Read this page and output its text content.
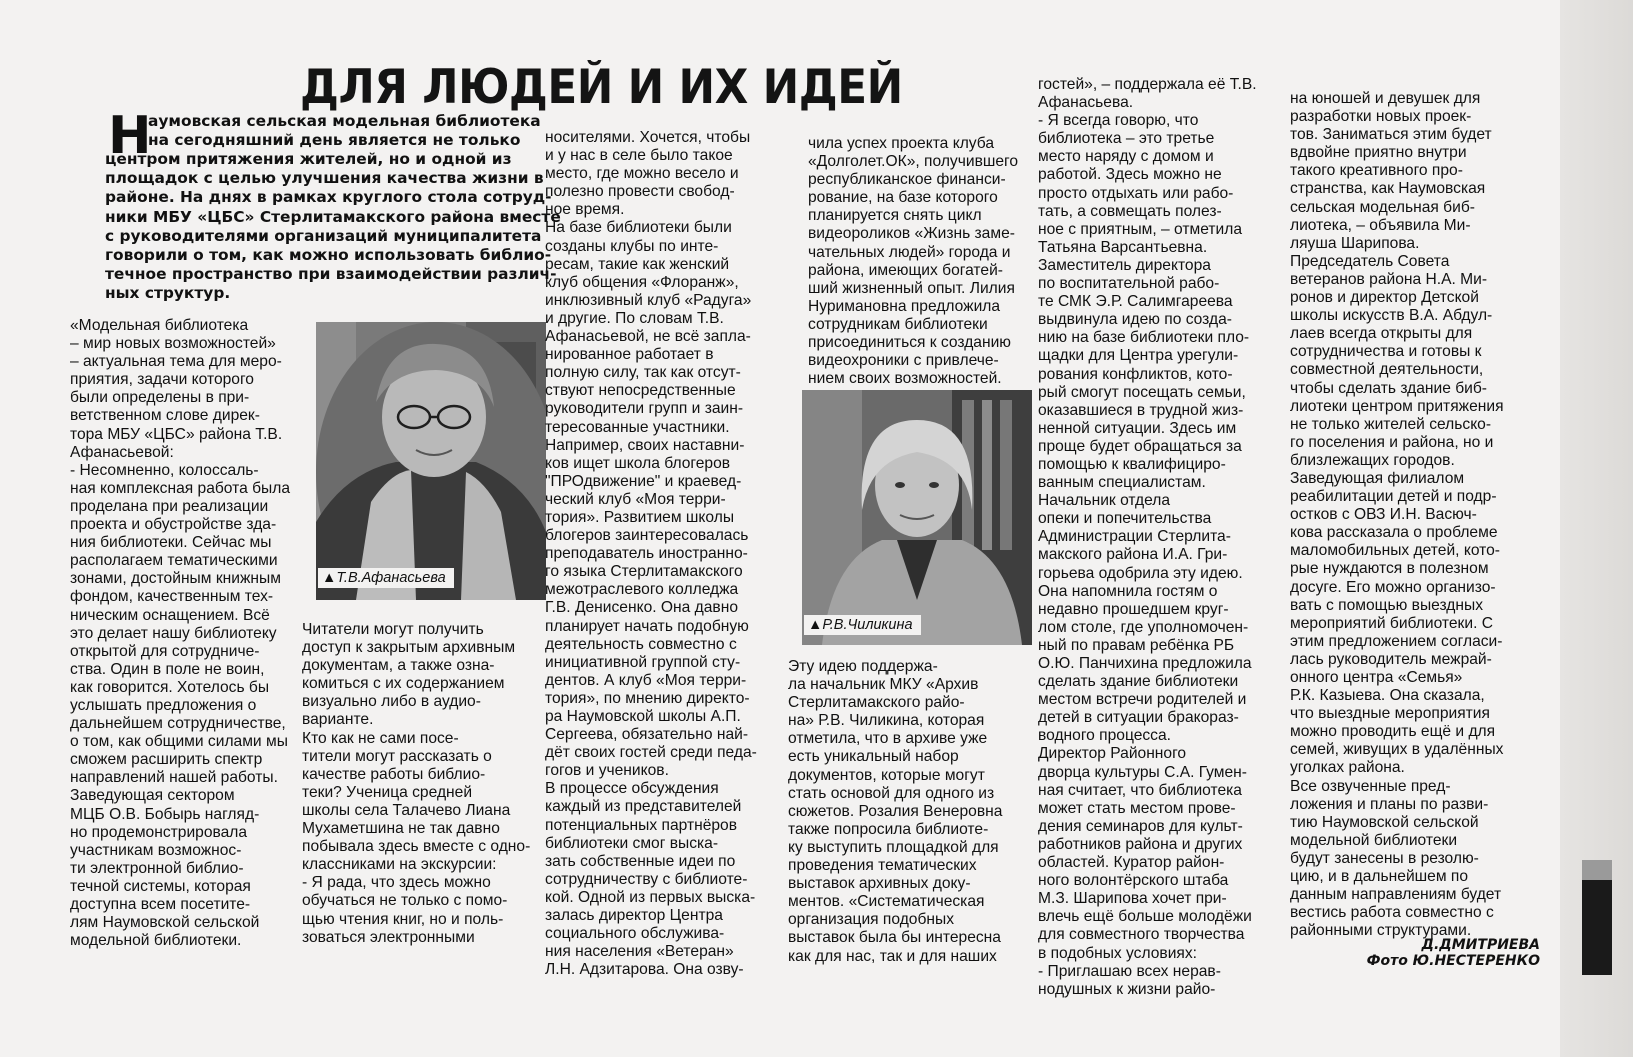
ДЛЯ ЛЮДЕЙ И ИХ ИДЕЙ
Н
аумовская сельская модельная библиотека
на сегодняшний день является не только
центром притяжения жителей, но и одной из
площадок с целью улучшения качества жизни в
районе. На днях в рамках круглого стола сотруд-
ники МБУ «ЦБС» Стерлитамакского района вместе
с руководителями организаций муниципалитета
говорили о том, как можно использовать библио-
течное пространство при взаимодействии различ-
ных структур.
▲Т.В.Афанасьева
▲Р.В.Чиликина
«Модельная библиотека
– мир новых возможностей»
– актуальная тема для меро-
приятия, задачи которого
были определены в при-
ветственном слове дирек-
тора МБУ «ЦБС» района Т.В.
Афанасьевой:
- Несомненно, колоссаль-
ная комплексная работа была
проделана при реализации
проекта и обустройстве зда-
ния библиотеки. Сейчас мы
располагаем тематическими
зонами, достойным книжным
фондом, качественным тех-
ническим оснащением. Всё
это делает нашу библиотеку
открытой для сотрудниче-
ства. Один в поле не воин,
как говорится. Хотелось бы
услышать предложения о
дальнейшем сотрудничестве,
о том, как общими силами мы
сможем расширить спектр
направлений нашей работы.
Заведующая сектором
МЦБ О.В. Бобырь нагляд-
но продемонстрировала
участникам возможнос-
ти электронной библио-
течной системы, которая
доступна всем посетите-
лям Наумовской сельской
модельной библиотеки.
Читатели могут получить
доступ к закрытым архивным
документам, а также озна-
комиться с их содержанием
визуально либо в аудио-
варианте.
Кто как не сами посе-
тители могут рассказать о
качестве работы библио-
теки? Ученица средней
школы села Талачево Лиана
Мухаметшина не так давно
побывала здесь вместе с одно-
классниками на экскурсии:
- Я рада, что здесь можно
обучаться не только с помо-
щью чтения книг, но и поль-
зоваться электронными
носителями. Хочется, чтобы
и у нас в селе было такое
место, где можно весело и
полезно провести свобод-
ное время.
На базе библиотеки были
созданы клубы по инте-
ресам, такие как женский
клуб общения «Флоранж»,
инклюзивный клуб «Радуга»
и другие. По словам Т.В.
Афанасьевой, не всё запла-
нированное работает в
полную силу, так как отсут-
ствуют непосредственные
руководители групп и заин-
тересованные участники.
Например, своих наставни-
ков ищет школа блогеров
"ПРОдвижение" и краевед-
ческий клуб «Моя терри-
тория». Развитием школы
блогеров заинтересовалась
преподаватель иностранно-
го языка Стерлитамакского
межотраслевого колледжа
Г.В. Денисенко. Она давно
планирует начать подобную
деятельность совместно с
инициативной группой сту-
дентов. А клуб «Моя терри-
тория», по мнению директо-
ра Наумовской школы А.П.
Сергеева, обязательно най-
дёт своих гостей среди педа-
гогов и учеников.
В процессе обсуждения
каждый из представителей
потенциальных партнёров
библиотеки смог выска-
зать собственные идеи по
сотрудничеству с библиоте-
кой. Одной из первых выска-
залась директор Центра
социального обслужива-
ния населения «Ветеран»
Л.Н. Адзитарова. Она озву-
чила успех проекта клуба
«Долголет.ОК», получившего
республиканское финанси-
рование, на базе которого
планируется снять цикл
видеороликов «Жизнь заме-
чательных людей» города и
района, имеющих богатей-
ший жизненный опыт. Лилия
Нуримановна предложила
сотрудникам библиотеки
присоединиться к созданию
видеохроники с привлече-
нием своих возможностей.
Эту идею поддержа-
ла начальник МКУ «Архив
Стерлитамакского райо-
на» Р.В. Чиликина, которая
отметила, что в архиве уже
есть уникальный набор
документов, которые могут
стать основой для одного из
сюжетов. Розалия Венеровна
также попросила библиоте-
ку выступить площадкой для
проведения тематических
выставок архивных доку-
ментов. «Систематическая
организация подобных
выставок была бы интересна
как для нас, так и для наших
гостей», – поддержала её Т.В.
Афанасьева.
- Я всегда говорю, что
библиотека – это третье
место наряду с домом и
работой. Здесь можно не
просто отдыхать или рабо-
тать, а совмещать полез-
ное с приятным, – отметила
Татьяна Варсантьевна.
Заместитель директора
по воспитательной рабо-
те СМК Э.Р. Салимгареева
выдвинула идею по созда-
нию на базе библиотеки пло-
щадки для Центра урегули-
рования конфликтов, кото-
рый смогут посещать семьи,
оказавшиеся в трудной жиз-
ненной ситуации. Здесь им
проще будет обращаться за
помощью к квалифициро-
ванным специалистам.
Начальник отдела
опеки и попечительства
Администрации Стерлита-
макского района И.А. Гри-
горьева одобрила эту идею.
Она напомнила гостям о
недавно прошедшем круг-
лом столе, где уполномочен-
ный по правам ребёнка РБ
О.Ю. Панчихина предложила
сделать здание библиотеки
местом встречи родителей и
детей в ситуации бракораз-
водного процесса.
Директор Районного
дворца культуры С.А. Гумен-
ная считает, что библиотека
может стать местом прове-
дения семинаров для культ-
работников района и других
областей. Куратор район-
ного волонтёрского штаба
М.З. Шарипова хочет при-
влечь ещё больше молодёжи
для совместного творчества
в подобных условиях:
- Приглашаю всех нерав-
нодушных к жизни райо-
на юношей и девушек для
разработки новых проек-
тов. Заниматься этим будет
вдвойне приятно внутри
такого креативного про-
странства, как Наумовская
сельская модельная биб-
лиотека, – объявила Ми-
ляуша Шарипова.
Председатель Совета
ветеранов района Н.А. Ми-
ронов и директор Детской
школы искусств В.А. Абдул-
лаев всегда открыты для
сотрудничества и готовы к
совместной деятельности,
чтобы сделать здание биб-
лиотеки центром притяжения
не только жителей сельско-
го поселения и района, но и
близлежащих городов.
Заведующая филиалом
реабилитации детей и подр-
остков с ОВЗ И.Н. Васюч-
кова рассказала о проблеме
маломобильных детей, кото-
рые нуждаются в полезном
досуге. Его можно организо-
вать с помощью выездных
мероприятий библиотеки. С
этим предложением согласи-
лась руководитель межрай-
онного центра «Семья»
Р.К. Казыева. Она сказала,
что выездные мероприятия
можно проводить ещё и для
семей, живущих в удалённых
уголках района.
Все озвученные пред-
ложения и планы по разви-
тию Наумовской сельской
модельной библиотеки
будут занесены в резолю-
цию, и в дальнейшем по
данным направлениям будет
вестись работа совместно с
районными структурами.
Д.ДМИТРИЕВА
Фото Ю.НЕСТЕРЕНКО
